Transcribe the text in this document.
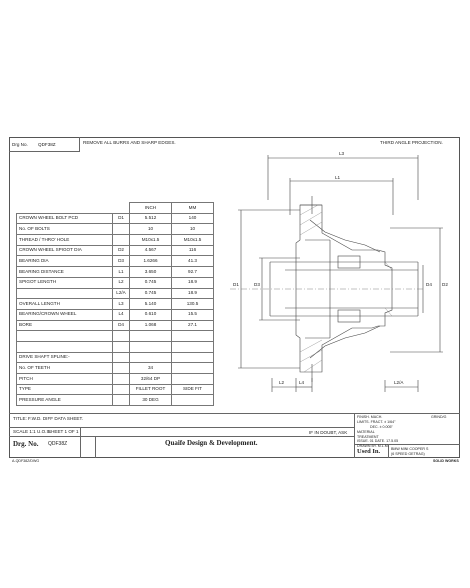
Drg No. QDF38Z	REMOVE ALL BURRS AND SHARP EDGES.	THIRD ANGLE PROJECTION.
		INCH	MM
CROWN WHEEL BOLT PCD	D1	5.512	140
No. OF BOLTS		10	10
THREAD / THRO' HOLE		M10x1.5	M10x1.5
CROWN WHEEL SPIGOT DIA	D2	4.567	116
BEARING DIA	D3	1.6266	41.3
BEARING DISTANCE	L1	3.650	92.7
SPIGOT LENGTH	L2	0.745	18.9
	L2/A	0.745	18.9
OVERALL LENGTH	L3	5.140	130.5
BEARING/CROWN WHEEL	L4	0.610	15.5
BORE	D4	1.068	27.1

DRIVE SHAFT SPLINE:-			
No. OF TEETH		34	
PITCH		32/64 DP	
TYPE		FILLET ROOT	SIDE FIT
PRESSURE ANGLE		30 DEG	
L3
L1
D1	D3	D4 D2
L2	L4	L2/A
TITLE: F.W.D. DIFF DATA SHEET.
SCALE 1:1 U.O.S.
SHEET 1 OF 1
Drg. No. QDF38Z	Quaife Design & Development.
IF IN DOUBT, ASK
FINISH. MACH.	GRIND/G
LIMITS. FRACT. ± 1/64"
DEC. ± 0.005"
MATERIAL
TREATMENT
ISSUE. 01 DATE. 17.5.05
DRAWN BY. M.L.M.
Used In.	BMW MINI COOPER S
(6 SPEED GETRAG)
SOLID WORKS
A-QDF38Z/DWG
